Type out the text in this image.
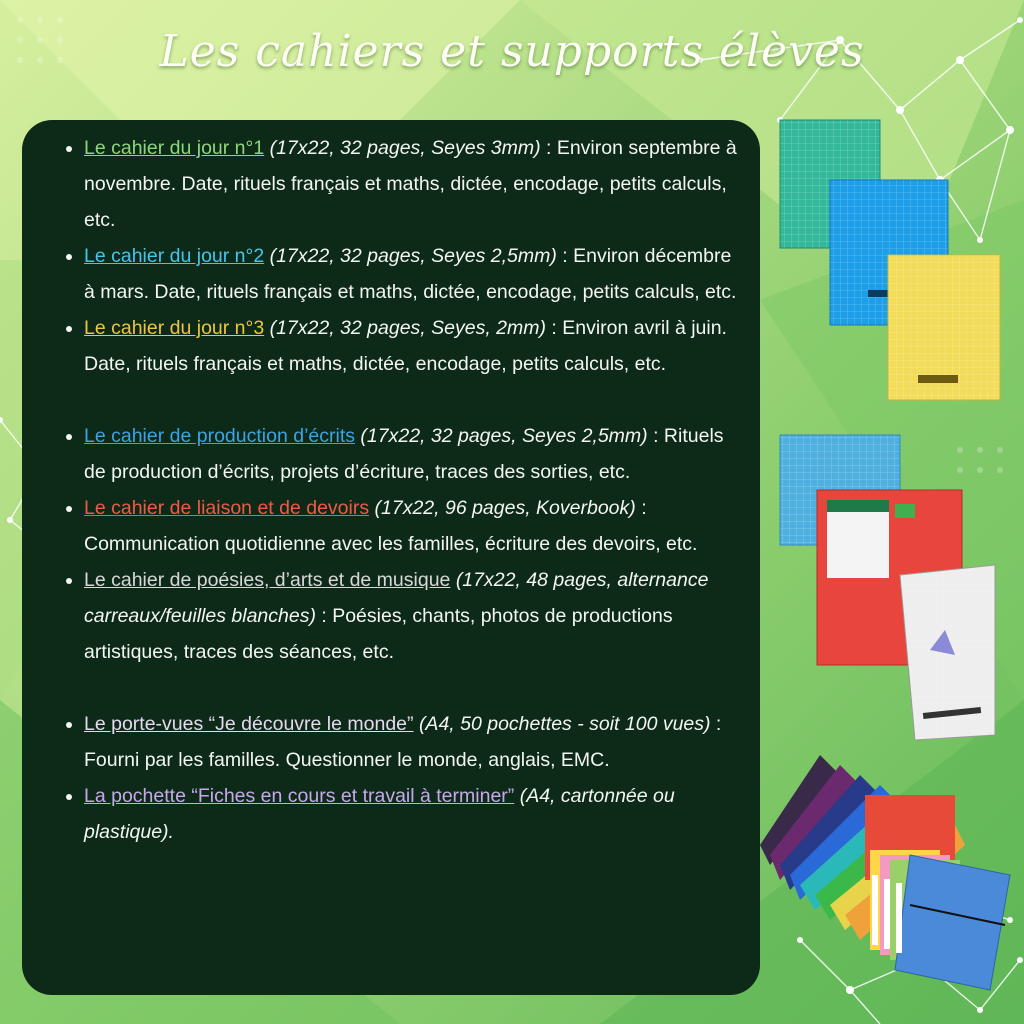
Les cahiers et supports élèves
• Le cahier du jour n°1 (17x22, 32 pages, Seyes 3mm) : Environ septembre à novembre. Date, rituels français et maths, dictée, encodage, petits calculs, etc.
• Le cahier du jour n°2 (17x22, 32 pages, Seyes 2,5mm) : Environ décembre à mars. Date, rituels français et maths, dictée, encodage, petits calculs, etc.
• Le cahier du jour n°3 (17x22, 32 pages, Seyes, 2mm) : Environ avril à juin. Date, rituels français et maths, dictée, encodage, petits calculs, etc.
• Le cahier de production d’écrits (17x22, 32 pages, Seyes 2,5mm) : Rituels de production d’écrits, projets d’écriture, traces des sorties, etc.
• Le cahier de liaison et de devoirs (17x22, 96 pages, Koverbook) : Communication quotidienne avec les familles, écriture des devoirs, etc.
• Le cahier de poésies, d’arts et de musique (17x22, 48 pages, alternance carreaux/feuilles blanches) : Poésies, chants, photos de productions artistiques, traces des séances, etc.
• Le porte-vues “Je découvre le monde” (A4, 50 pochettes - soit 100 vues) : Fourni par les familles. Questionner le monde, anglais, EMC.
• La pochette “Fiches en cours et travail à terminer” (A4, cartonnée ou plastique).
